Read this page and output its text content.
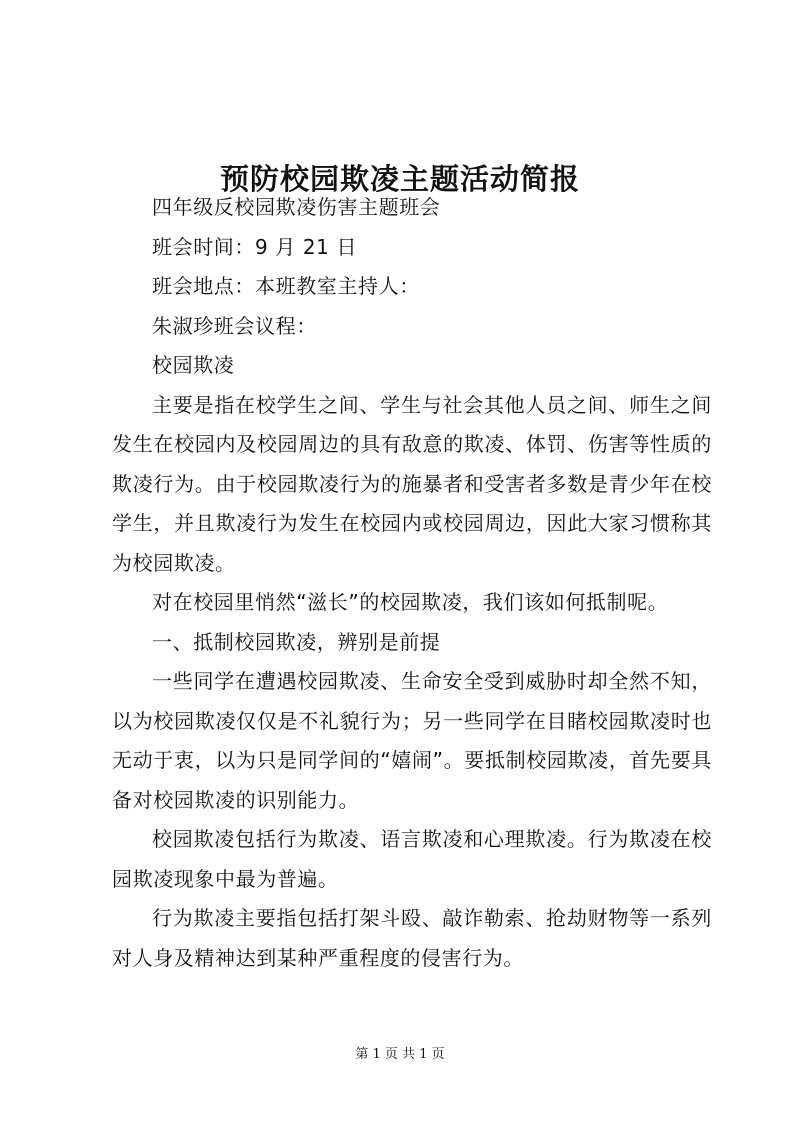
预防校园欺凌主题活动简报

四年级反校园欺凌伤害主题班会

班会时间：9 月 21 日

班会地点：本班教室主持人：

朱淑珍班会议程：

校园欺凌

主要是指在校学生之间、学生与社会其他人员之间、师生之间发生在校园内及校园周边的具有敌意的欺凌、体罚、伤害等性质的欺凌行为。由于校园欺凌行为的施暴者和受害者多数是青少年在校学生，并且欺凌行为发生在校园内或校园周边，因此大家习惯称其为校园欺凌。

对在校园里悄然“滋长”的校园欺凌，我们该如何抵制呢。

一、抵制校园欺凌，辨别是前提

一些同学在遭遇校园欺凌、生命安全受到威胁时却全然不知，以为校园欺凌仅仅是不礼貌行为；另一些同学在目睹校园欺凌时也无动于衷，以为只是同学间的“嬉闹”。要抵制校园欺凌，首先要具备对校园欺凌的识别能力。

校园欺凌包括行为欺凌、语言欺凌和心理欺凌。行为欺凌在校园欺凌现象中最为普遍。

行为欺凌主要指包括打架斗殴、敲诈勒索、抢劫财物等一系列对人身及精神达到某种严重程度的侵害行为。

第 1 页 共 1 页
